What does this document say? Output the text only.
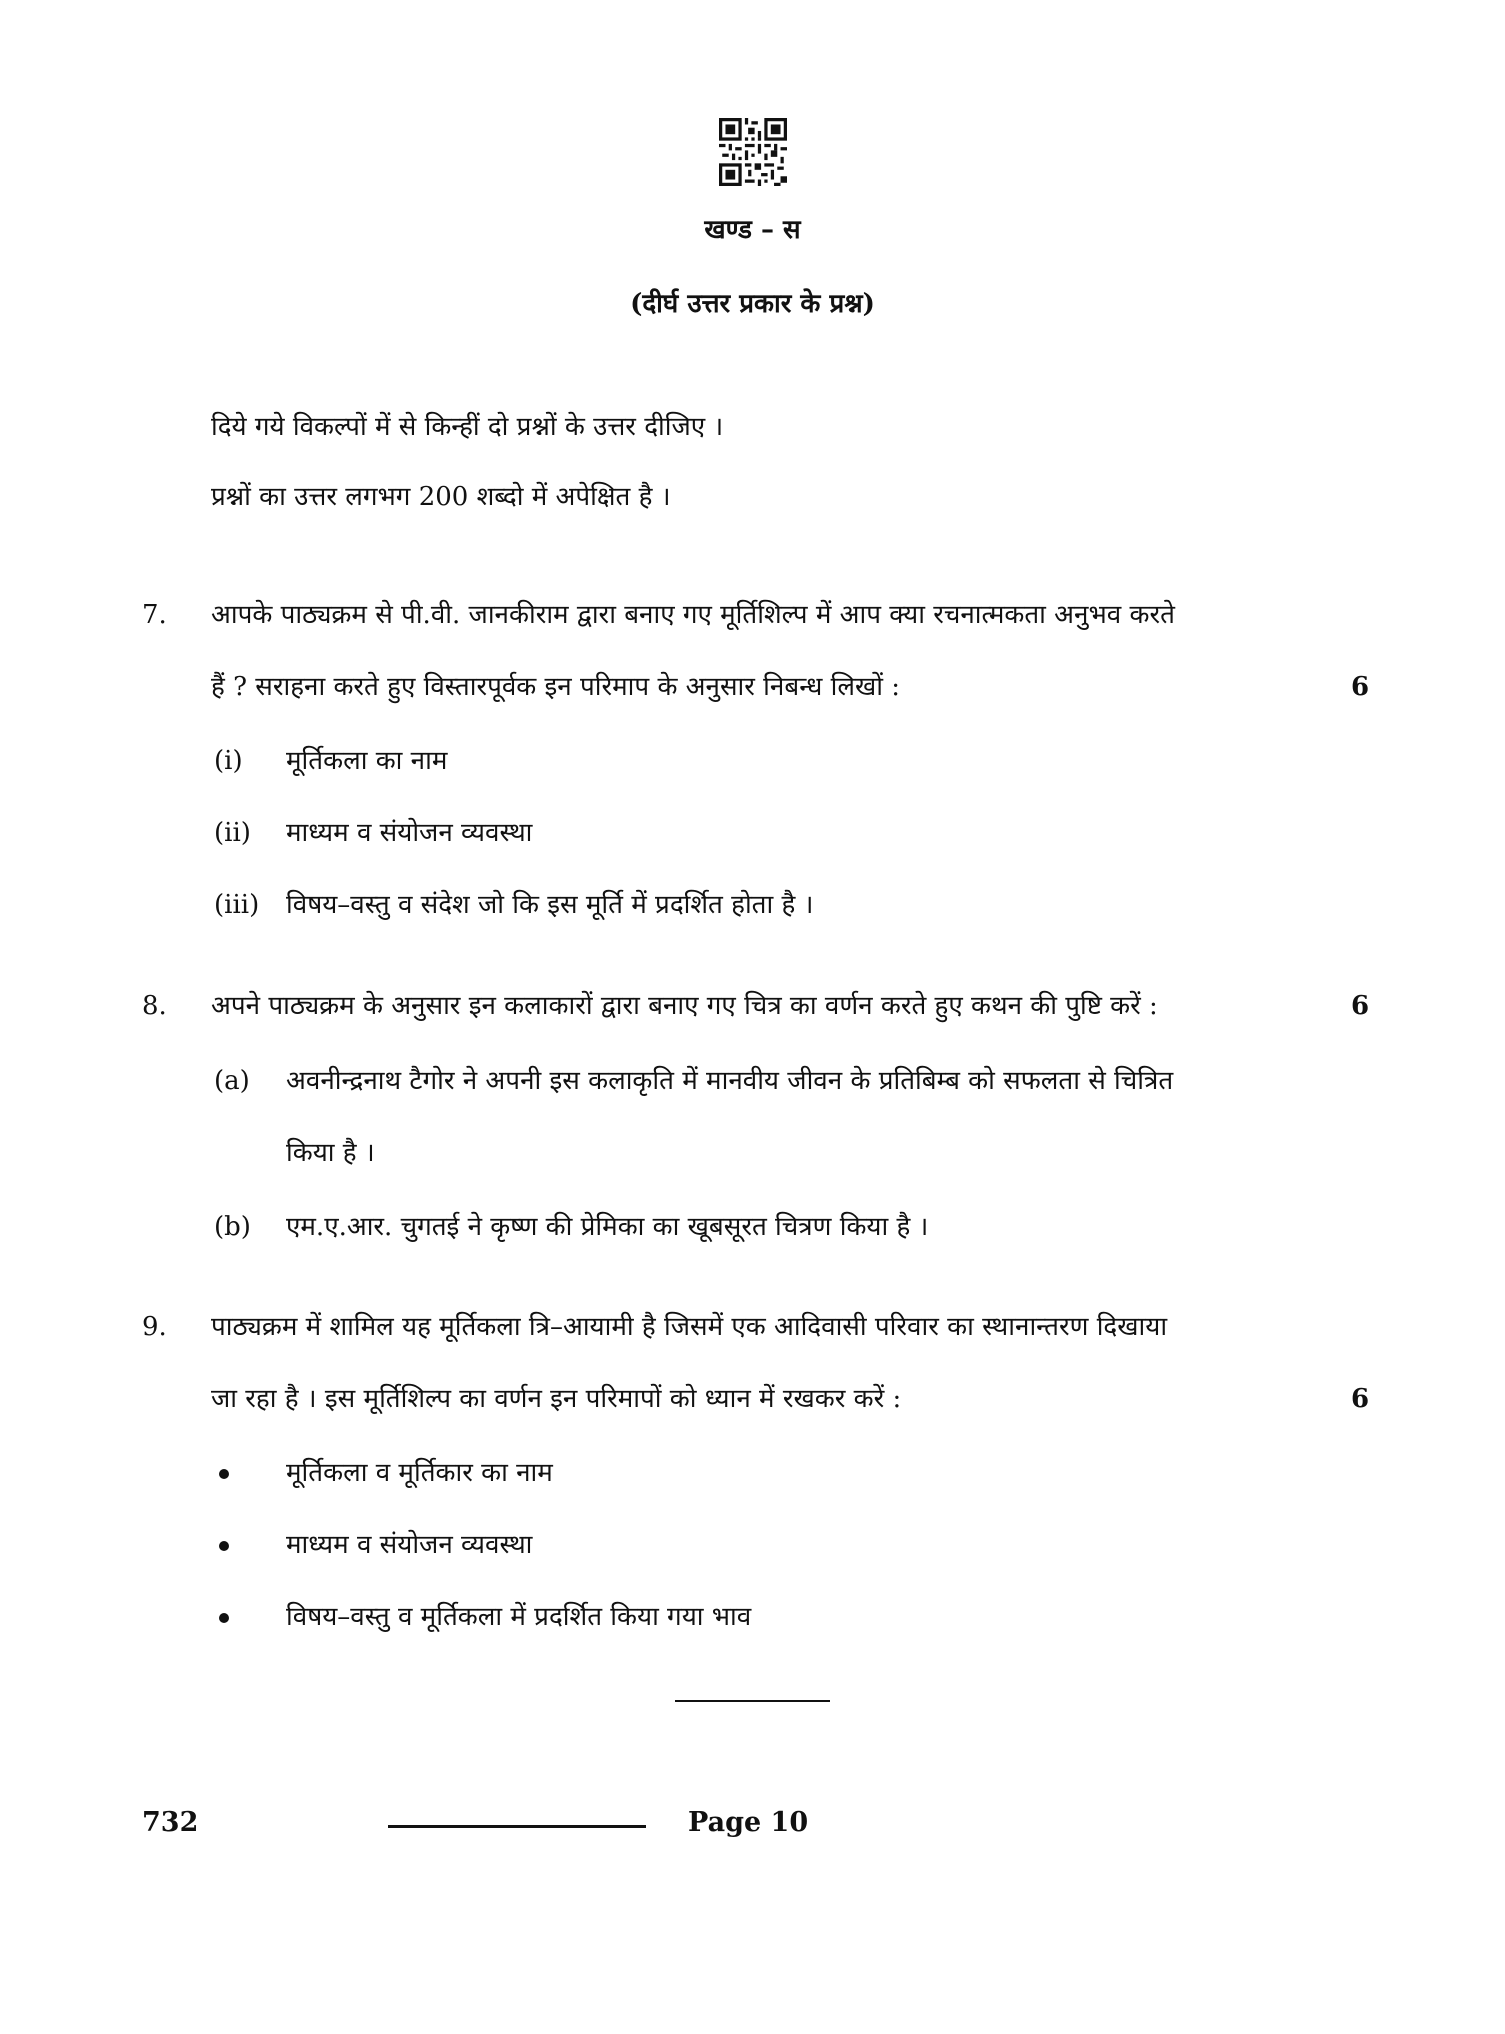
खण्ड – स
(दीर्घ उत्तर प्रकार के प्रश्न)
दिये गये विकल्पों में से किन्हीं दो प्रश्नों के उत्तर दीजिए ।
प्रश्नों का उत्तर लगभग 200 शब्दो में अपेक्षित है ।
7. आपके पाठ्यक्रम से पी.वी. जानकीराम द्वारा बनाए गए मूर्तिशिल्प में आप क्या रचनात्मकता अनुभव करते
हैं ? सराहना करते हुए विस्तारपूर्वक इन परिमाप के अनुसार निबन्ध लिखों :	6
(i) मूर्तिकला का नाम
(ii) माध्यम व संयोजन व्यवस्था
(iii) विषय–वस्तु व संदेश जो कि इस मूर्ति में प्रदर्शित होता है ।
8. अपने पाठ्यक्रम के अनुसार इन कलाकारों द्वारा बनाए गए चित्र का वर्णन करते हुए कथन की पुष्टि करें :	6
(a) अवनीन्द्रनाथ टैगोर ने अपनी इस कलाकृति में मानवीय जीवन के प्रतिबिम्ब को सफलता से चित्रित
किया है ।
(b) एम.ए.आर. चुगतई ने कृष्ण की प्रेमिका का खूबसूरत चित्रण किया है ।
9. पाठ्यक्रम में शामिल यह मूर्तिकला त्रि–आयामी है जिसमें एक आदिवासी परिवार का स्थानान्तरण दिखाया
जा रहा है । इस मूर्तिशिल्प का वर्णन इन परिमापों को ध्यान में रखकर करें :	6
मूर्तिकला व मूर्तिकार का नाम
माध्यम व संयोजन व्यवस्था
विषय–वस्तु व मूर्तिकला में प्रदर्शित किया गया भाव
732	Page 10
